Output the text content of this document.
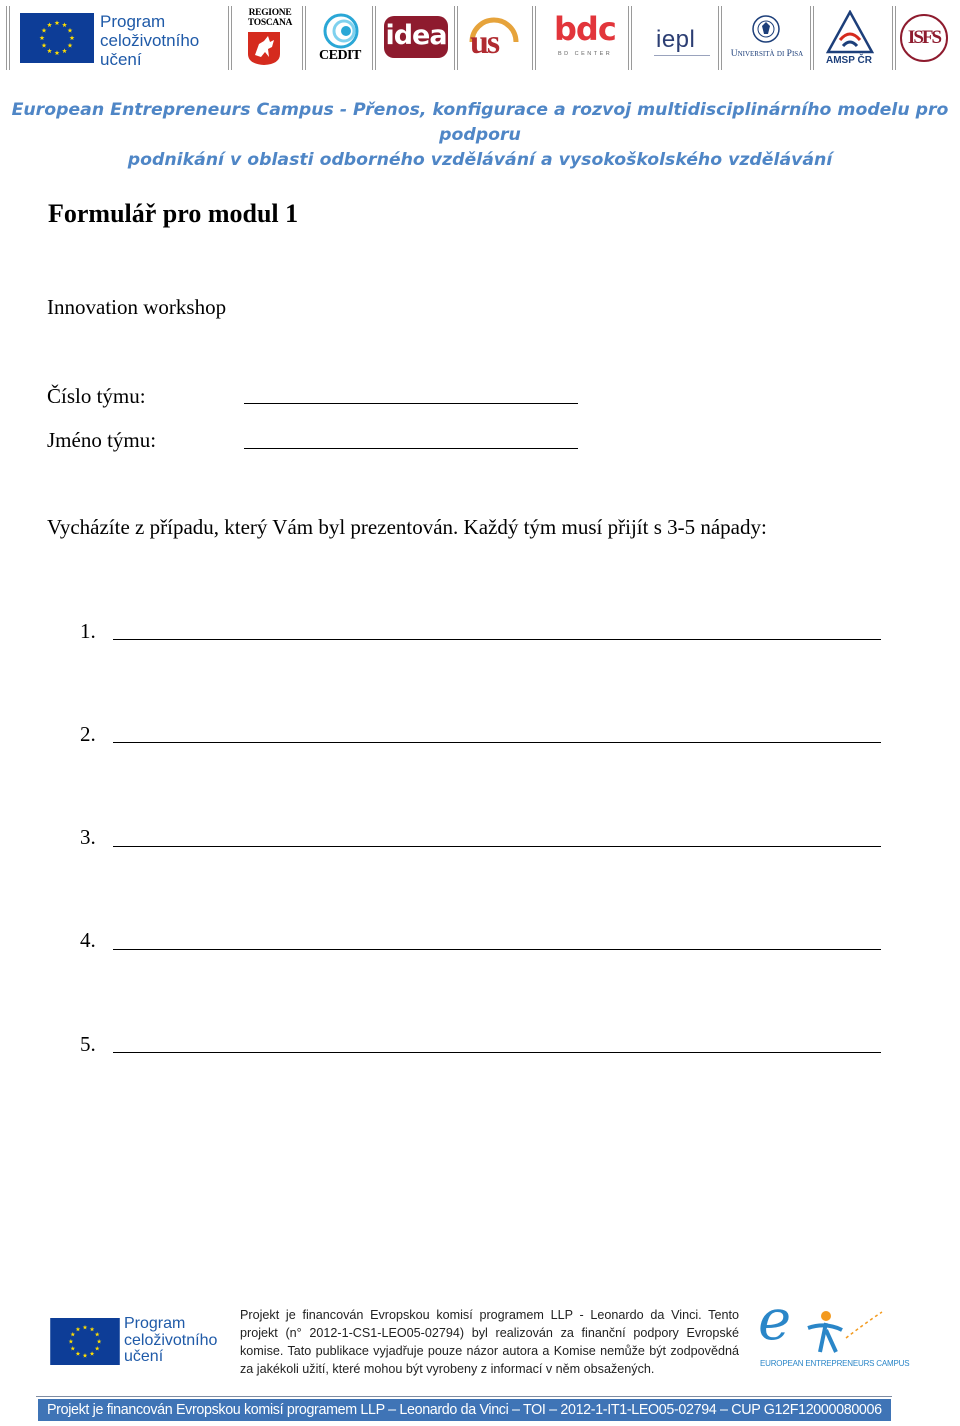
Program
celoživotního
učení
REGIONE
TOSCANA
CEDIT
idea us bdc
BD CENTER
iepl
Università di Pisa
AMSP ČR
ISFS
European Entrepreneurs Campus - Přenos, konfigurace a rozvoj multidisciplinárního modelu pro podporu
podnikání v oblasti odborného vzdělávání a vysokoškolského vzdělávání
Formulář pro modul 1
Innovation workshop
Číslo týmu:
Jméno týmu:
Vycházíte z případu, který Vám byl prezentován. Každý tým musí přijít s 3-5 nápady:
1.
2.
3.
4.
5.
Program
celoživotního
učení
Projekt je financován Evropskou komisí programem LLP - Leonardo da Vinci. Tento projekt (n° 2012-1-CS1-LEO05-02794) byl realizován za finanční podpory Evropské komise. Tato publikace vyjadřuje pouze názor autora a Komise nemůže být zodpovědná za jakékoli užití, které mohou být vyrobeny z informací v něm obsažených.
e
EUROPEAN ENTREPRENEURS CAMPUS
Projekt je financován Evropskou komisí programem LLP – Leonardo da Vinci – TOI – 2012-1-IT1-LEO05-02794 – CUP G12F12000080006
